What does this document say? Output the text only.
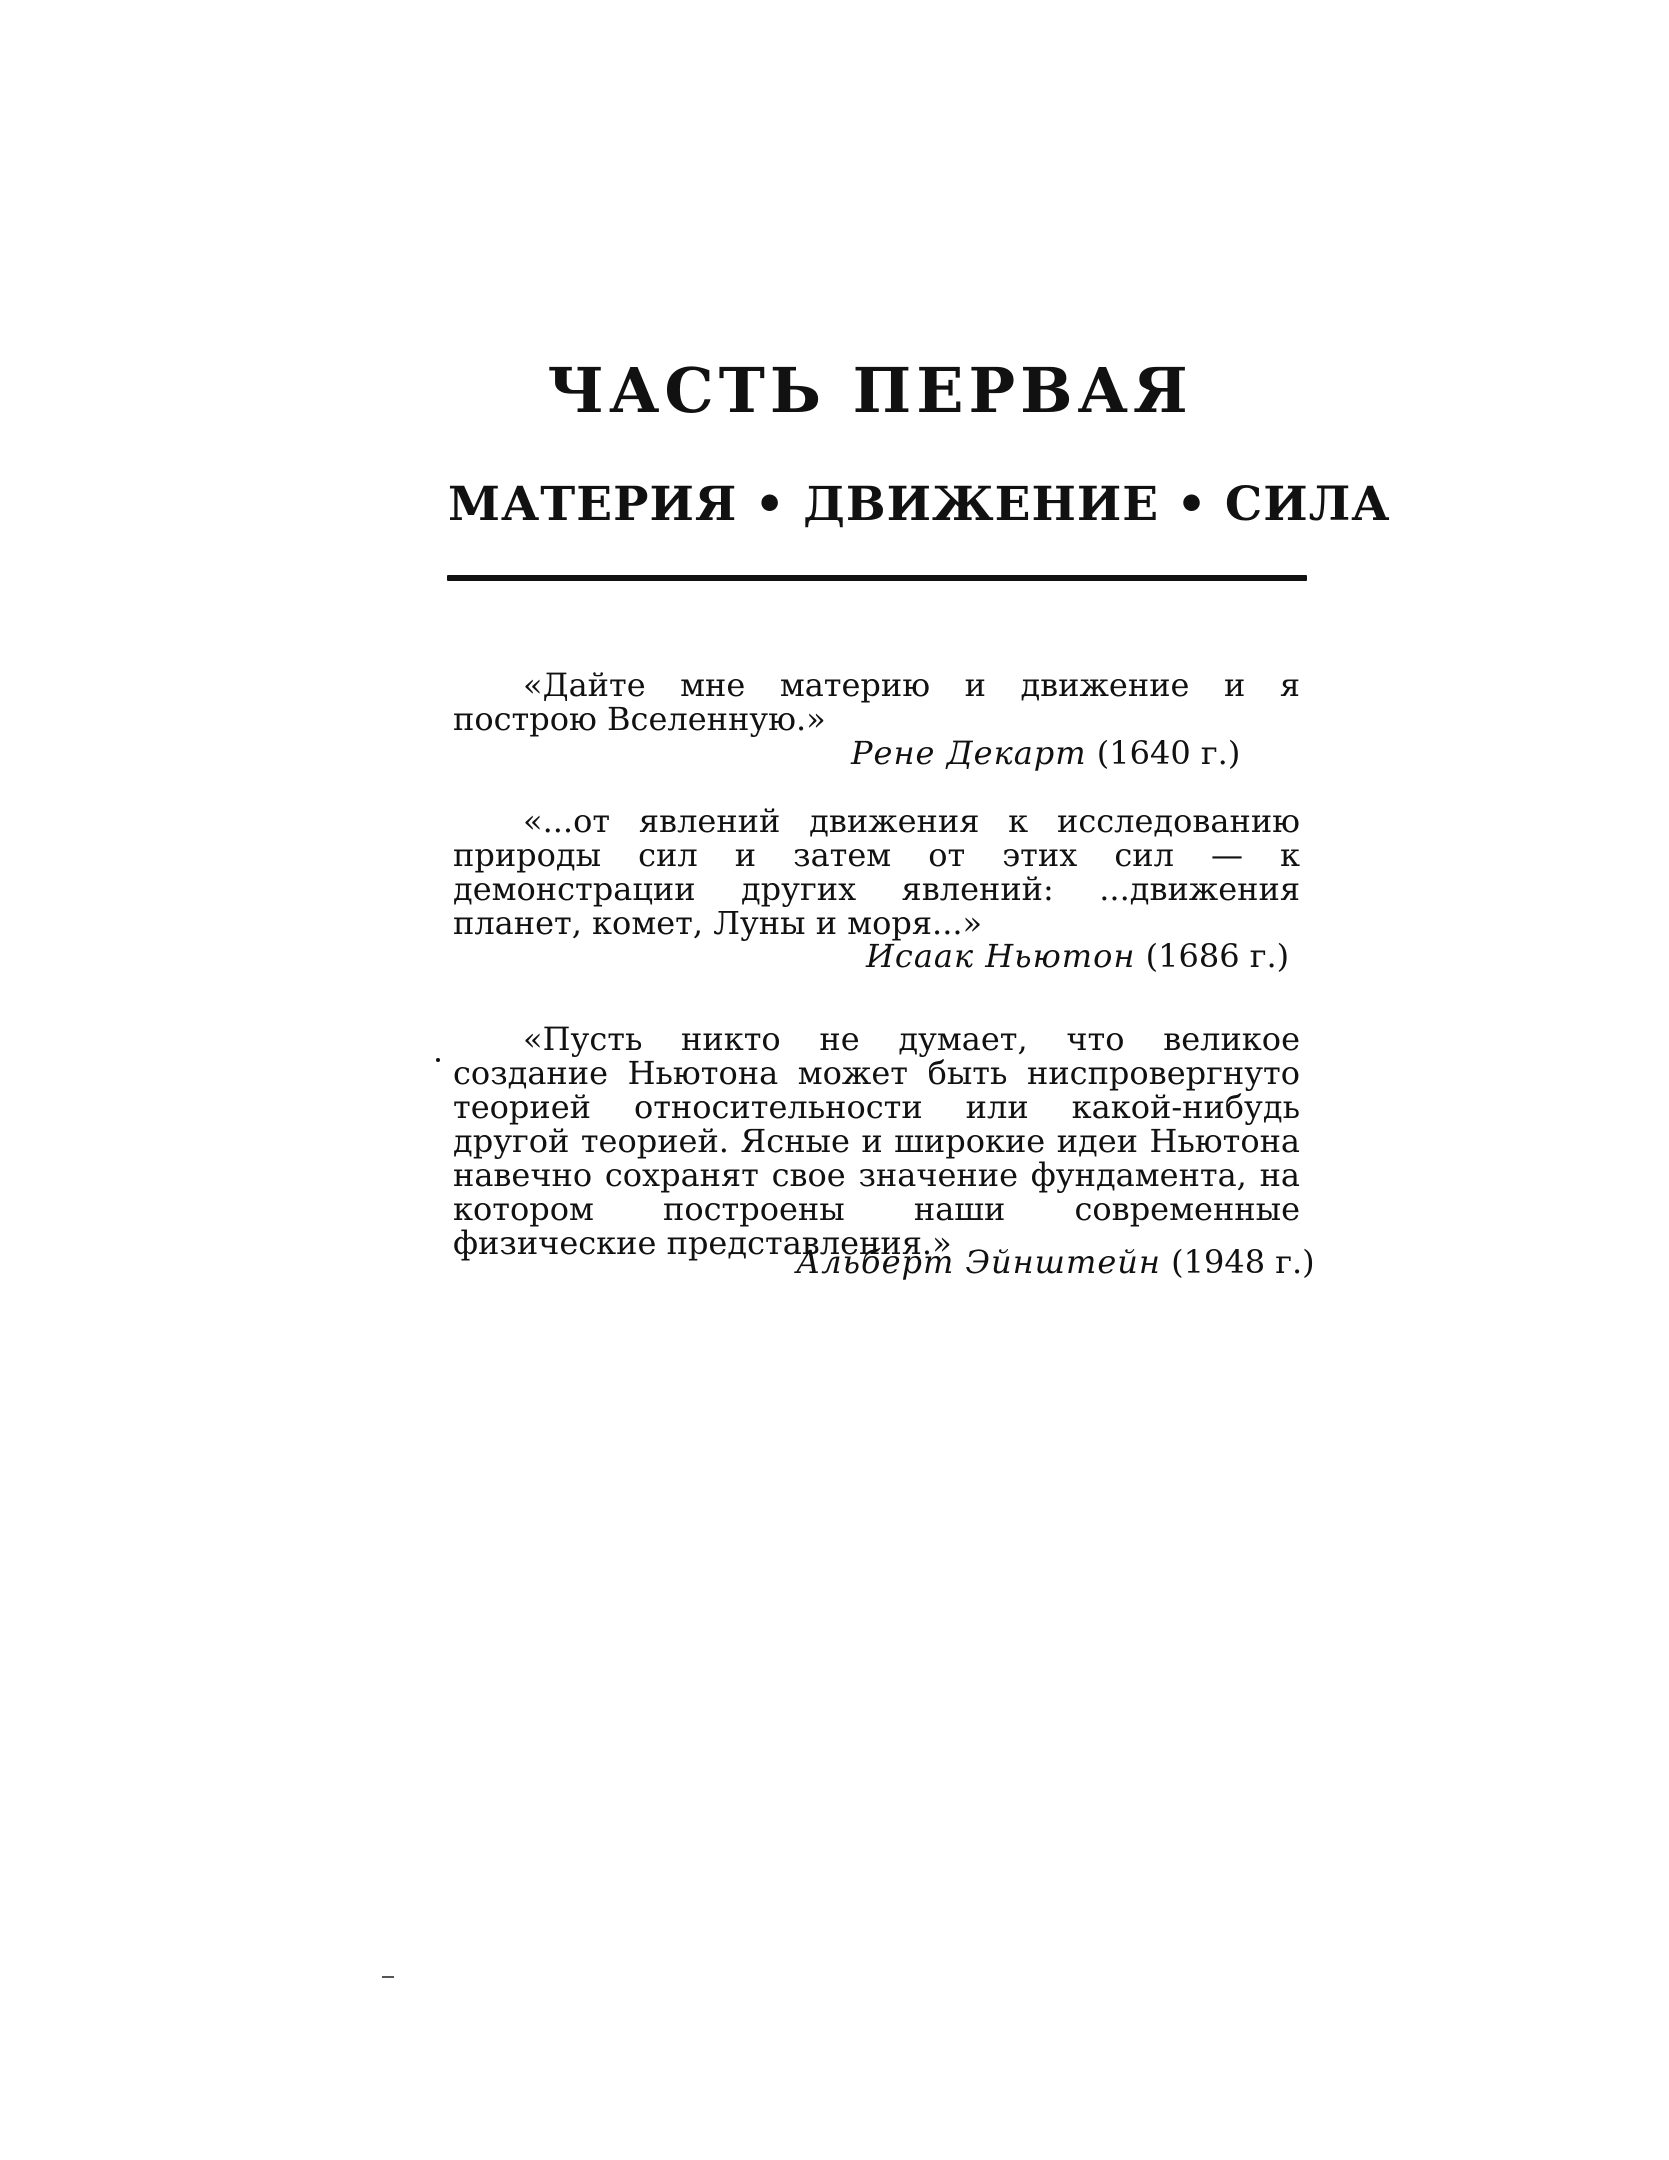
ЧАСТЬ ПЕРВАЯ
МАТЕРИЯ • ДВИЖЕНИЕ • СИЛА

«Дайте мне материю и движение и я построю Вселенную.»

Рене Декарт (1640 г.)

«...от явлений движения к исследованию природы сил и затем от этих сил — к демонстрации других явлений: ...движения планет, комет, Луны и моря...»

Исаак Ньютон (1686 г.)

«Пусть никто не думает, что великое создание Ньютона может быть ниспровергнуто теорией относительности или какой-нибудь другой теорией. Ясные и широкие идеи Ньютона навечно сохранят свое значение фундамента, на котором построены наши современные физические представления.»

Альберт Эйнштейн (1948 г.)
